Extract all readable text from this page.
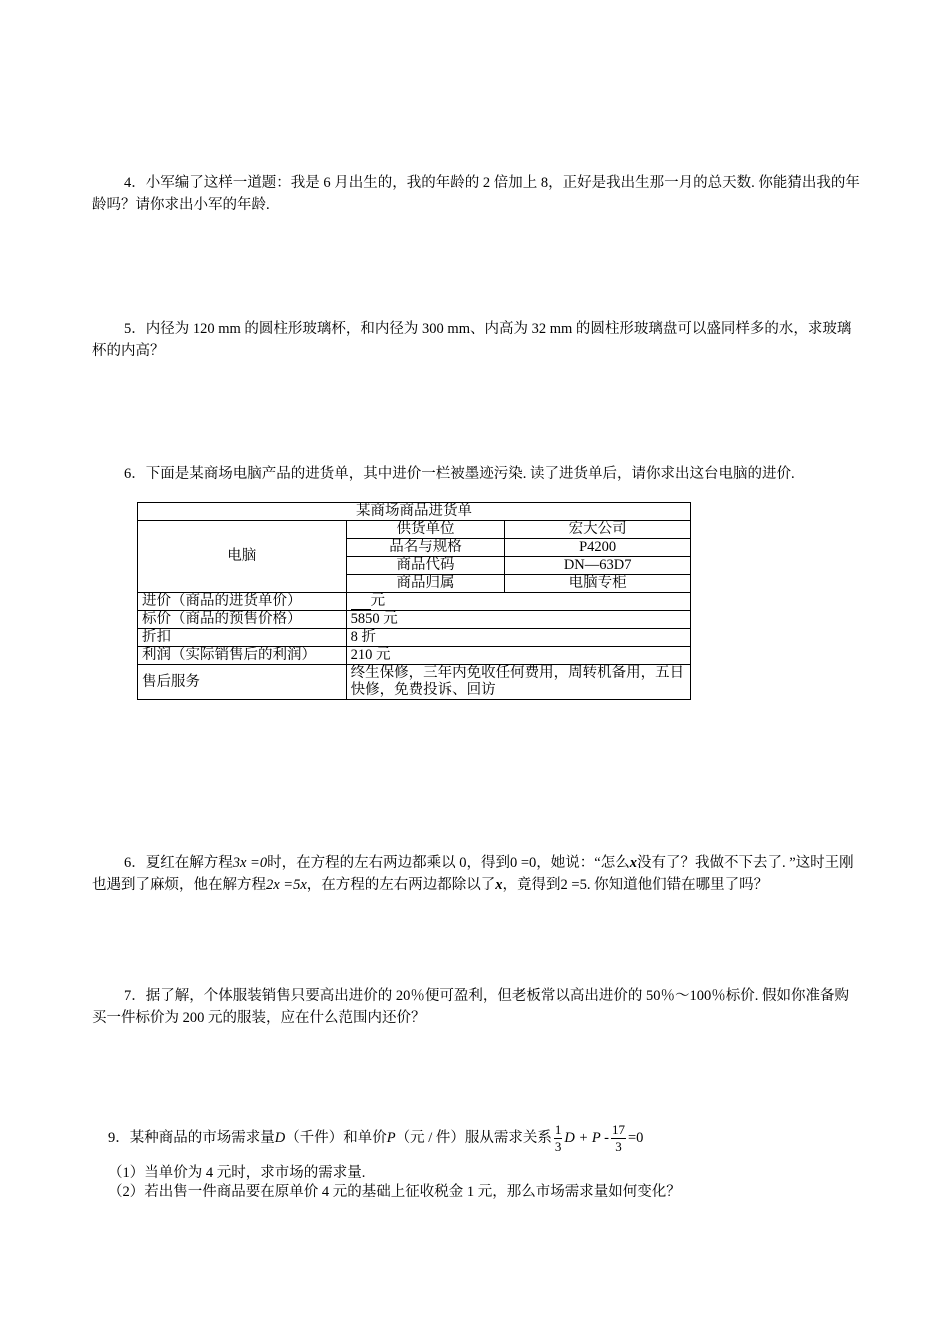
4．小军编了这样一道题：我是 6 月出生的，我的年龄的 2 倍加上 8，正好是我出生那一月的总天数. 你能猜出我的年龄吗？请你求出小军的年龄.

5．内径为 120 mm 的圆柱形玻璃杯，和内径为 300 mm、内高为 32 mm 的圆柱形玻璃盘可以盛同样多的水，求玻璃杯的内高？

6．下面是某商场电脑产品的进货单，其中进价一栏被墨迹污染. 读了进货单后，请你求出这台电脑的进价.

某商场商品进货单		
电脑	供货单位	宏大公司
	品名与规格	P4200
	商品代码	DN—63D7
	商品归属	电脑专柜
进价（商品的进货单价）	元	
标价（商品的预售价格）	5850 元	
折扣	8 折	
利润（实际销售后的利润）	210 元	
售后服务	终生保修，三年内免收任何费用，周转机备用，五日快修，免费投诉、回访	

6．夏红在解方程3x =0时，在方程的左右两边都乘以 0，得到0 =0，她说：“怎么x没有了？我做不下去了. ”这时王刚也遇到了麻烦，他在解方程2x =5x，在方程的左右两边都除以了x，竟得到2 =5. 你知道他们错在哪里了吗？

7．据了解，个体服装销售只要高出进价的 20％便可盈利，但老板常以高出进价的 50％～100％标价. 假如你准备购买一件标价为 200 元的服装，应在什么范围内还价？

9．某种商品的市场需求量D（千件）和单价P（元 / 件）服从需求关系 $\frac{1}{3}$ $D + P - \frac{17}{3} =0$
（1）当单价为 4 元时，求市场的需求量.
（2）若出售一件商品要在原单价 4 元的基础上征收税金 1 元，那么市场需求量如何变化？
